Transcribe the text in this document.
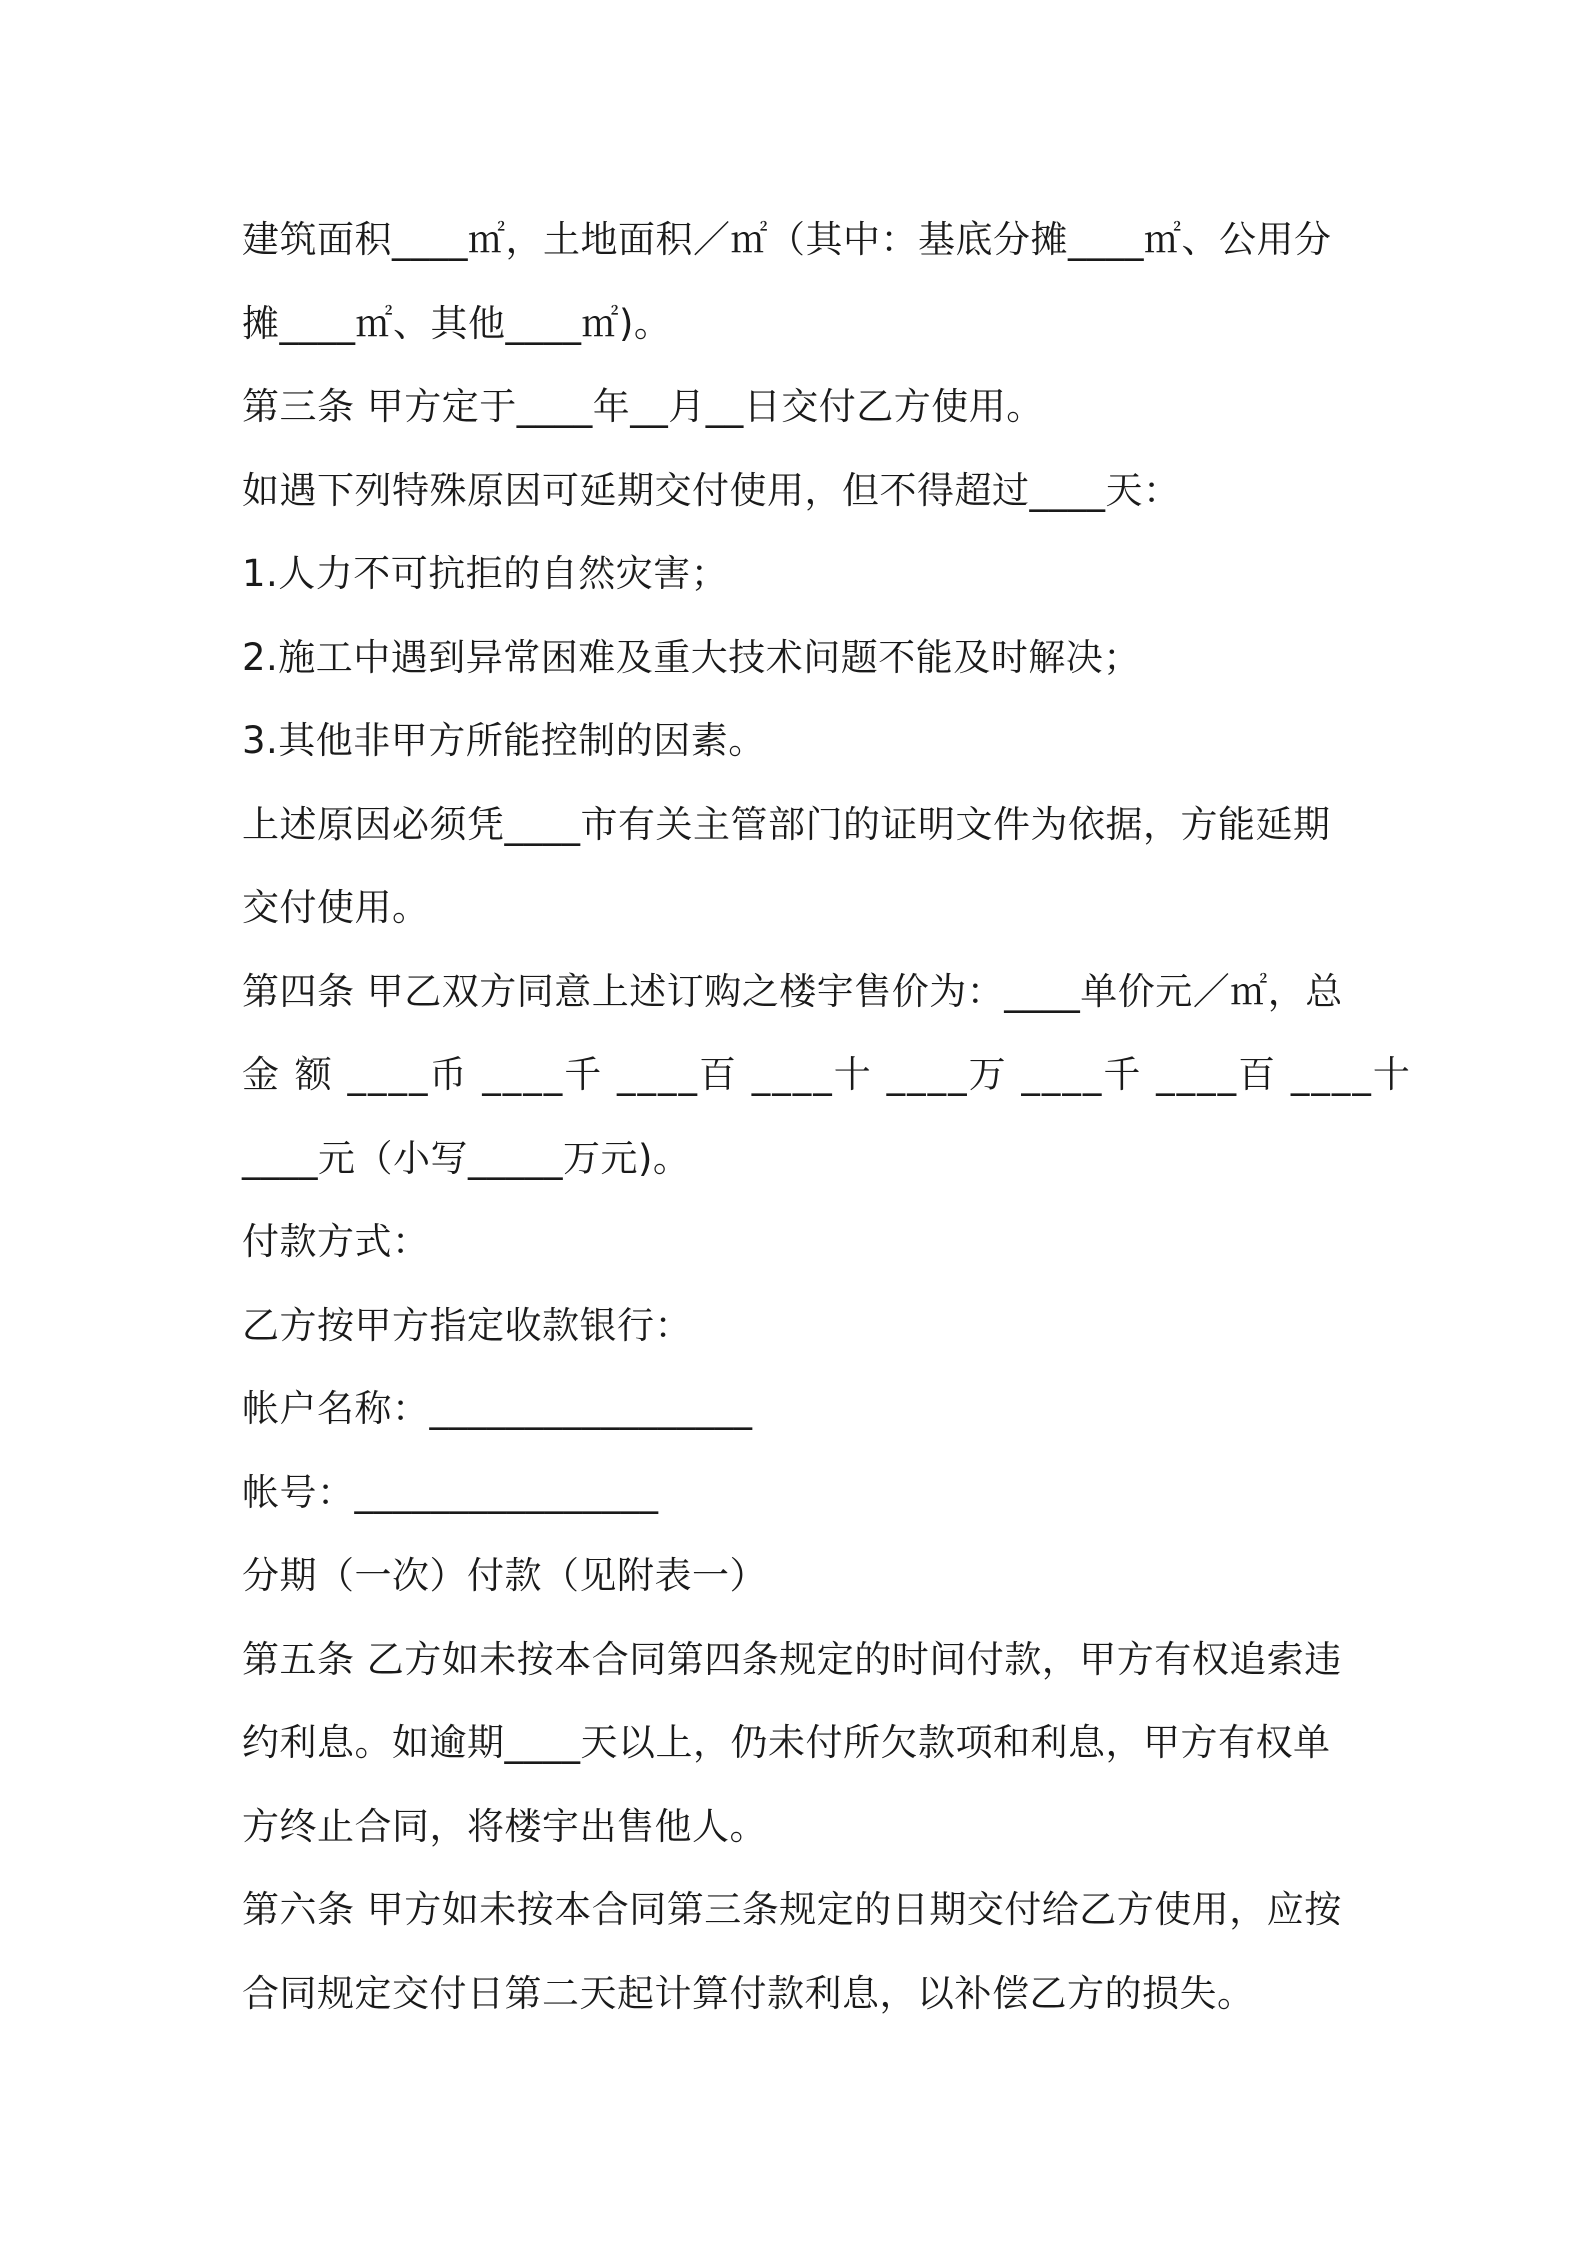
建筑面积____㎡，土地面积／㎡（其中：基底分摊____㎡、公用分
摊____㎡、其他____㎡)。
第三条 甲方定于____年__月__日交付乙方使用。
如遇下列特殊原因可延期交付使用，但不得超过____天：
1.人力不可抗拒的自然灾害；
2.施工中遇到异常困难及重大技术问题不能及时解决；
3.其他非甲方所能控制的因素。
上述原因必须凭____市有关主管部门的证明文件为依据，方能延期
交付使用。
第四条 甲乙双方同意上述订购之楼宇售价为：____单价元／㎡，总
金 额 ____币 ____千 ____百 ____十 ____万 ____千 ____百 ____十
____元（小写_____万元)。
付款方式：
乙方按甲方指定收款银行：
帐户名称：_________________
帐号：________________
分期（一次）付款（见附表一）
第五条 乙方如未按本合同第四条规定的时间付款，甲方有权追索违
约利息。如逾期____天以上，仍未付所欠款项和利息，甲方有权单
方终止合同，将楼宇出售他人。
第六条 甲方如未按本合同第三条规定的日期交付给乙方使用，应按
合同规定交付日第二天起计算付款利息，以补偿乙方的损失。
